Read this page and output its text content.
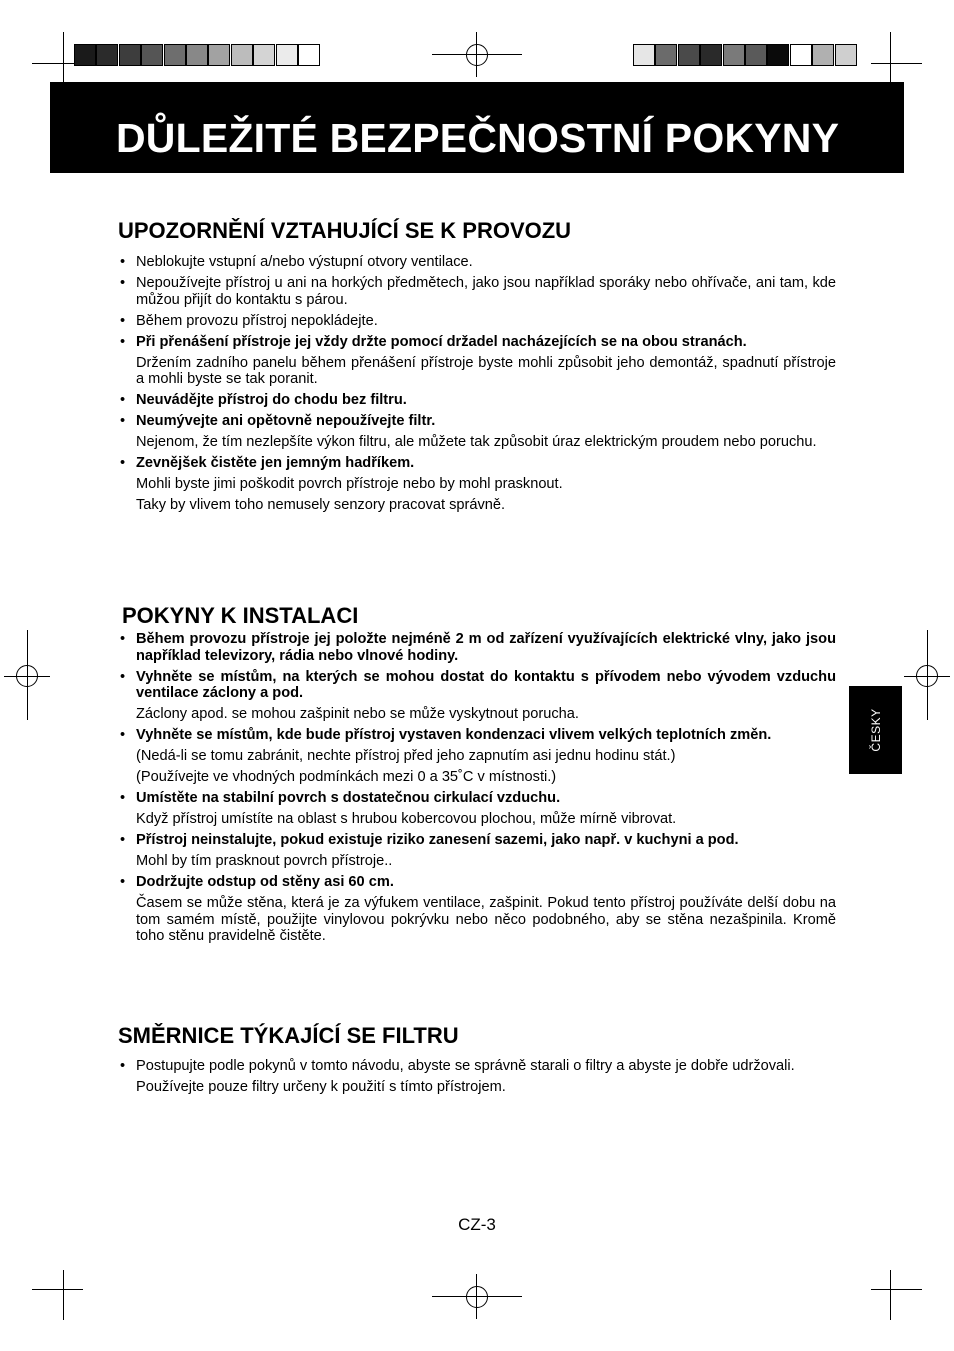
DŮLEŽITÉ BEZPEČNOSTNÍ POKYNY
UPOZORNĚNÍ VZTAHUJÍCÍ SE K PROVOZU
• Neblokujte vstupní a/nebo výstupní otvory ventilace.
• Nepoužívejte přístroj u ani na horkých předmětech, jako jsou například sporáky nebo ohřívače, ani tam, kde můžou přijít do kontaktu s párou.
• Během provozu přístroj nepokládejte.
• Při přenášení přístroje jej vždy držte pomocí držadel nacházejících se na obou stranách.
Držením zadního panelu během přenášení přístroje byste mohli způsobit jeho demontáž, spadnutí přístroje a mohli byste se tak poranit.
• Neuvádějte přístroj do chodu bez filtru.
• Neumývejte ani opětovně nepoužívejte filtr.
Nejenom, že tím nezlepšíte výkon filtru, ale můžete tak způsobit úraz elektrickým proudem nebo poruchu.
• Zevnějšek čistěte jen jemným hadříkem.
Mohli byste jimi poškodit povrch přístroje nebo by mohl prasknout.
Taky by vlivem toho nemusely senzory pracovat správně.
POKYNY K INSTALACI
• Během provozu přístroje jej položte nejméně 2 m od zařízení využívajících elektrické vlny, jako jsou například televizory, rádia nebo vlnové hodiny.
• Vyhněte se místům, na kterých se mohou dostat do kontaktu s přívodem nebo vývodem vzduchu ventilace záclony a pod.
Záclony apod. se mohou zašpinit nebo se může vyskytnout porucha.
• Vyhněte se místům, kde bude přístroj vystaven kondenzaci vlivem velkých teplotních změn.
(Nedá-li se tomu zabránit, nechte přístroj před jeho zapnutím asi jednu hodinu stát.)
(Používejte ve vhodných podmínkách mezi 0 a 35˚C v místnosti.)
• Umístěte na stabilní povrch s dostatečnou cirkulací vzduchu.
Když přístroj umístíte na oblast s hrubou kobercovou plochou, může mírně vibrovat.
• Přístroj neinstalujte, pokud existuje riziko zanesení sazemi, jako např. v kuchyni a pod.
Mohl by tím prasknout povrch přístroje..
• Dodržujte odstup od stěny asi 60 cm.
Časem se může stěna, která je za výfukem ventilace, zašpinit. Pokud tento přístroj používáte delší dobu na tom samém místě, použijte vinylovou pokrývku nebo něco podobného, aby se stěna nezašpinila. Kromě toho stěnu pravidelně čistěte.
SMĚRNICE TÝKAJÍCÍ SE FILTRU
• Postupujte podle pokynů v tomto návodu, abyste se správně starali o filtry a abyste je dobře udržovali.
Používejte pouze filtry určeny k použití s tímto přístrojem.
ČESKY
CZ-3
